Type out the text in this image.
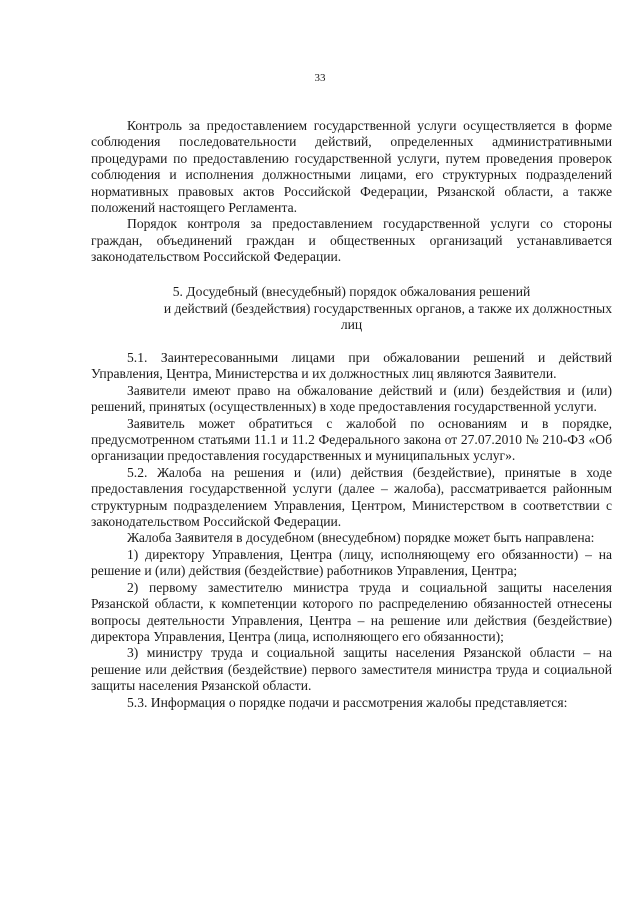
33

Контроль за предоставлением государственной услуги осуществляется в форме соблюдения последовательности действий, определенных административными процедурами по предоставлению государственной услуги, путем проведения проверок соблюдения и исполнения должностными лицами, его структурных подразделений нормативных правовых актов Российской Федерации, Рязанской области, а также положений настоящего Регламента.

Порядок контроля за предоставлением государственной услуги со стороны граждан, объединений граждан и общественных организаций устанавливается законодательством Российской Федерации.

5. Досудебный (внесудебный) порядок обжалования решений
и действий (бездействия) государственных органов, а также их должностных
лиц

5.1. Заинтересованными лицами при обжаловании решений и действий Управления, Центра, Министерства и их должностных лиц являются Заявители.

Заявители имеют право на обжалование действий и (или) бездействия и (или) решений, принятых (осуществленных) в ходе предоставления государственной услуги.

Заявитель может обратиться с жалобой по основаниям и в порядке, предусмотренном статьями 11.1 и 11.2 Федерального закона от 27.07.2010 № 210-ФЗ «Об организации предоставления государственных и муниципальных услуг».

5.2. Жалоба на решения и (или) действия (бездействие), принятые в ходе предоставления государственной услуги (далее – жалоба), рассматривается районным структурным подразделением Управления, Центром, Министерством в соответствии с законодательством Российской Федерации.

Жалоба Заявителя в досудебном (внесудебном) порядке может быть направлена:

1) директору Управления, Центра (лицу, исполняющему его обязанности) – на решение и (или) действия (бездействие) работников Управления, Центра;

2) первому заместителю министра труда и социальной защиты населения Рязанской области, к компетенции которого по распределению обязанностей отнесены вопросы деятельности Управления, Центра – на решение или действия (бездействие) директора Управления, Центра (лица, исполняющего его обязанности);

3) министру труда и социальной защиты населения Рязанской области – на решение или действия (бездействие) первого заместителя министра труда и социальной защиты населения Рязанской области.

5.3. Информация о порядке подачи и рассмотрения жалобы представляется:
